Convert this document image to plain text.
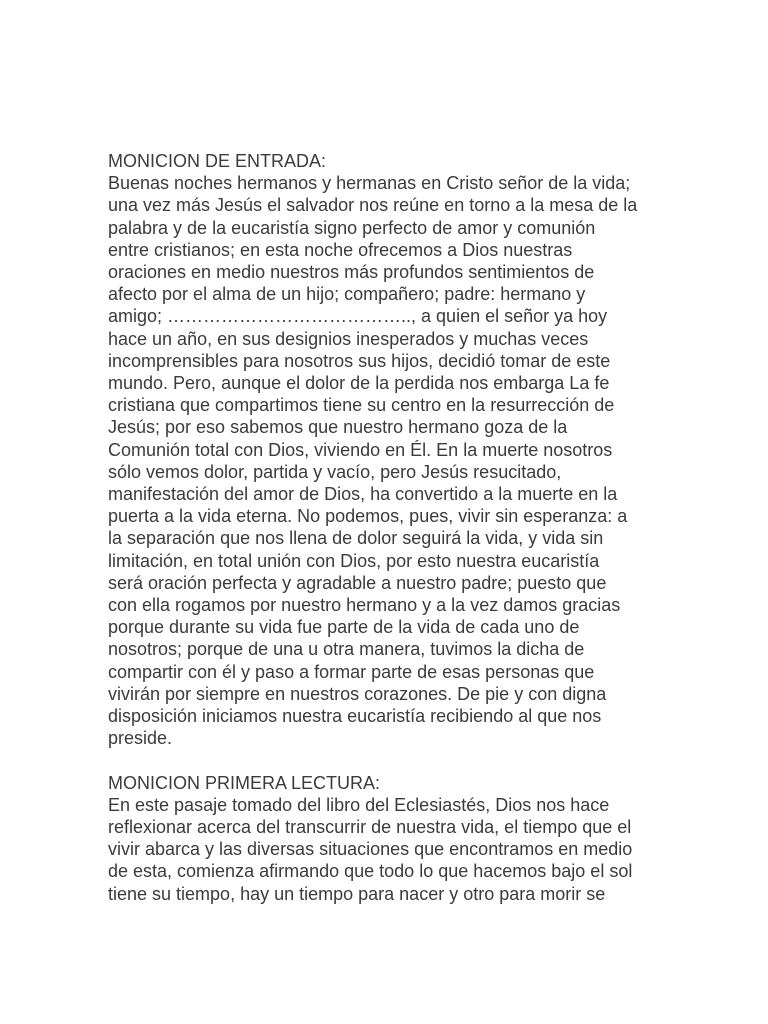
MONICION DE ENTRADA:
Buenas noches hermanos y hermanas en Cristo señor de la vida;
una vez más Jesús el salvador nos reúne en torno a la mesa de la
palabra y de la eucaristía signo perfecto de amor y comunión
entre cristianos; en esta noche ofrecemos a Dios nuestras
oraciones en medio nuestros más profundos sentimientos de
afecto por el alma de un hijo; compañero; padre: hermano y
amigo; ………………………………….., a quien el señor ya hoy
hace un año, en sus designios inesperados y muchas veces
incomprensibles para nosotros sus hijos, decidió tomar de este
mundo. Pero, aunque el dolor de la perdida nos embarga La fe
cristiana que compartimos tiene su centro en la resurrección de
Jesús; por eso sabemos que nuestro hermano goza de la
Comunión total con Dios, viviendo en Él. En la muerte nosotros
sólo vemos dolor, partida y vacío, pero Jesús resucitado,
manifestación del amor de Dios, ha convertido a la muerte en la
puerta a la vida eterna. No podemos, pues, vivir sin esperanza: a
la separación que nos llena de dolor seguirá la vida, y vida sin
limitación, en total unión con Dios, por esto nuestra eucaristía
será oración perfecta y agradable a nuestro padre; puesto que
con ella rogamos por nuestro hermano y a la vez damos gracias
porque durante su vida fue parte de la vida de cada uno de
nosotros; porque de una u otra manera, tuvimos la dicha de
compartir con él y paso a formar parte de esas personas que
vivirán por siempre en nuestros corazones. De pie y con digna
disposición iniciamos nuestra eucaristía recibiendo al que nos
preside.
MONICION PRIMERA LECTURA:
En este pasaje tomado del libro del Eclesiastés, Dios nos hace
reflexionar acerca del transcurrir de nuestra vida, el tiempo que el
vivir abarca y las diversas situaciones que encontramos en medio
de esta, comienza afirmando que todo lo que hacemos bajo el sol
tiene su tiempo, hay un tiempo para nacer y otro para morir se
